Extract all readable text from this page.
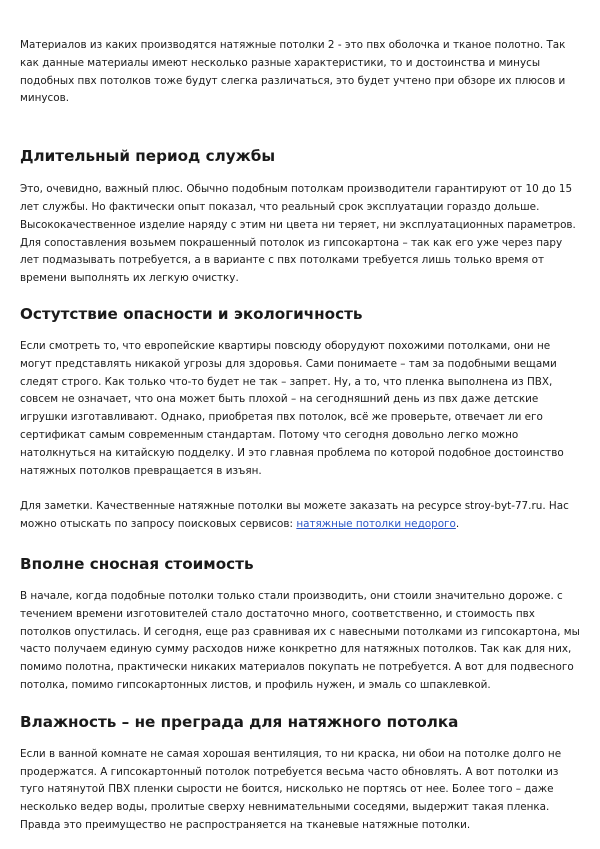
Материалов из каких производятся натяжные потолки 2 - это пвх оболочка и тканое полотно. Так как данные материалы имеют несколько разные характеристики, то и достоинства и минусы подобных пвх потолков тоже будут слегка различаться, это будет учтено при обзоре их плюсов и минусов.

Длительный период службы

Это, очевидно, важный плюс. Обычно подобным потолкам производители гарантируют от 10 до 15 лет службы. Но фактически опыт показал, что реальный срок эксплуатации гораздо дольше. Высококачественное изделие наряду с этим ни цвета ни теряет, ни эксплуатационных параметров. Для сопоставления возьмем покрашенный потолок из гипсокартона – так как его уже через пару лет подмазывать потребуется, а в варианте с пвх потолками требуется лишь только время от времени выполнять их легкую очистку.

Остутствие опасности и экологичность

Если смотреть то, что европейские квартиры повсюду оборудуют похожими потолками, они не могут представлять никакой угрозы для здоровья. Сами понимаете – там за подобными вещами следят строго. Как только что-то будет не так – запрет. Ну, а то, что пленка выполнена из ПВХ, совсем не означает, что она может быть плохой – на сегодняшний день из пвх даже детские игрушки изготавливают. Однако, приобретая пвх потолок, всё же проверьте, отвечает ли его сертификат самым современным стандартам. Потому что сегодня довольно легко можно натолкнуться на китайскую подделку. И это главная проблема по которой подобное достоинство натяжных потолков превращается в изъян.

Для заметки. Качественные натяжные потолки вы можете заказать на ресурсе stroy-byt-77.ru. Нас можно отыскать по запросу поисковых сервисов: натяжные потолки недорого.

Вполне сносная стоимость

В начале, когда подобные потолки только стали производить, они стоили значительно дороже. с течением времени изготовителей стало достаточно много, соответственно, и стоимость пвх потолков опустилась. И сегодня, еще раз сравнивая их с навесными потолками из гипсокартона, мы часто получаем единую сумму расходов ниже конкретно для натяжных потолков. Так как для них, помимо полотна, практически никаких материалов покупать не потребуется. А вот для подвесного потолка, помимо гипсокартонных листов, и профиль нужен, и эмаль со шпаклевкой.

Влажность – не преграда для натяжного потолка

Если в ванной комнате не самая хорошая вентиляция, то ни краска, ни обои на потолке долго не продержатся. А гипсокартонный потолок потребуется весьма часто обновлять. А вот потолки из туго натянутой ПВХ пленки сырости не боится, нисколько не портясь от нее. Более того – даже несколько ведер воды, пролитые сверху невнимательными соседями, выдержит такая пленка. Правда это преимущество не распространяется на тканевые натяжные потолки.
